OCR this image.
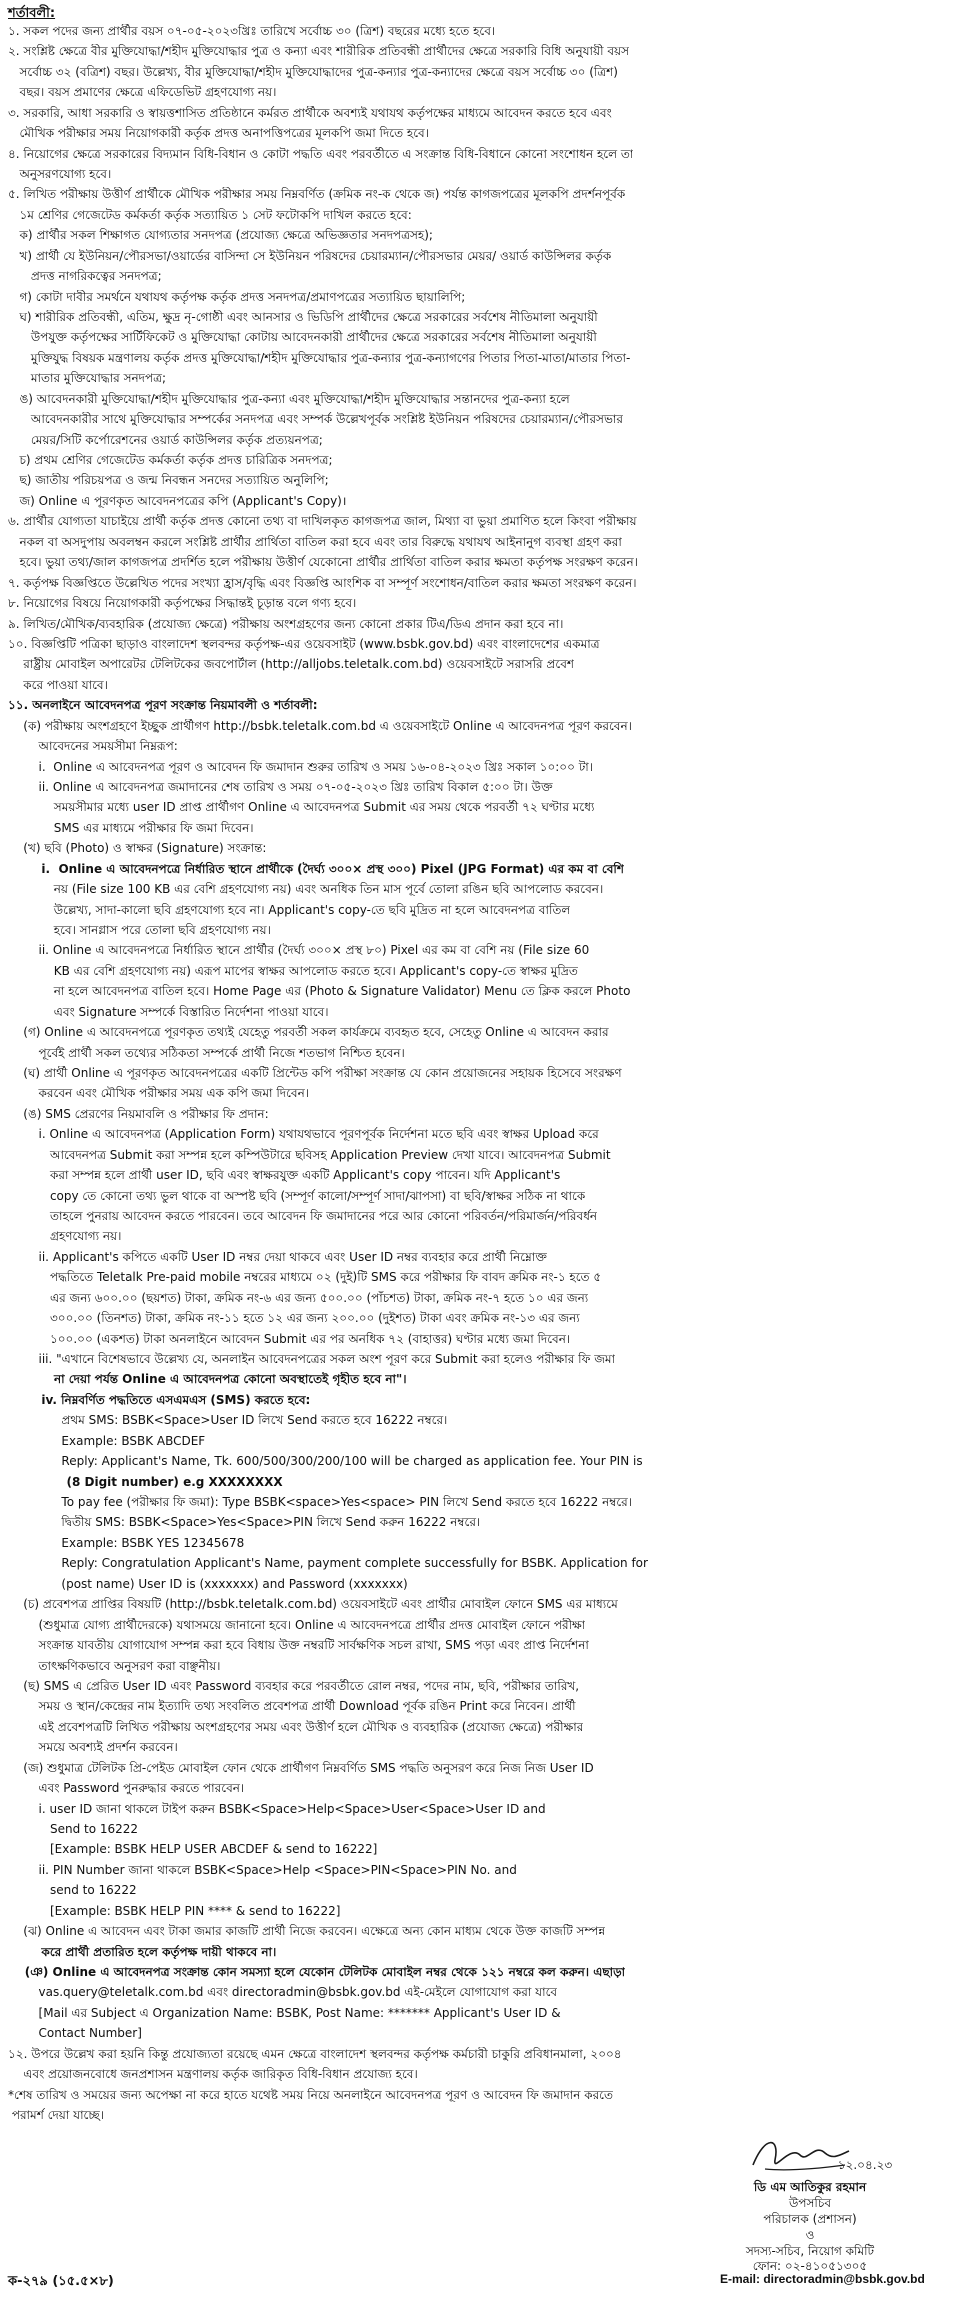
শর্তাবলী:
১. সকল পদের জন্য প্রার্থীর বয়স ০৭-০৫-২০২৩খ্রিঃ তারিখে সর্বোচ্চ ৩০ (ত্রিশ) বছরের মধ্যে হতে হবে।
২. সংশ্লিষ্ট ক্ষেত্রে বীর মুক্তিযোদ্ধা/শহীদ মুক্তিযোদ্ধার পুত্র ও কন্যা এবং শারীরিক প্রতিবন্ধী প্রার্থীদের ক্ষেত্রে সরকারি বিধি অনুযায়ী বয়স
সর্বোচ্চ ৩২ (বত্রিশ) বছর। উল্লেখ্য, বীর মুক্তিযোদ্ধা/শহীদ মুক্তিযোদ্ধাদের পুত্র-কন্যার পুত্র-কন্যাদের ক্ষেত্রে বয়স সর্বোচ্চ ৩০ (ত্রিশ)
বছর। বয়স প্রমাণের ক্ষেত্রে এফিডেভিট গ্রহণযোগ্য নয়।
৩. সরকারি, আধা সরকারি ও স্বায়ত্তশাসিত প্রতিষ্ঠানে কর্মরত প্রার্থীকে অবশ্যই যথাযথ কর্তৃপক্ষের মাধ্যমে আবেদন করতে হবে এবং
মৌখিক পরীক্ষার সময় নিয়োগকারী কর্তৃক প্রদত্ত অনাপত্তিপত্রের মূলকপি জমা দিতে হবে।
৪. নিয়োগের ক্ষেত্রে সরকারের বিদ্যমান বিধি-বিধান ও কোটা পদ্ধতি এবং পরবর্তীতে এ সংক্রান্ত বিধি-বিধানে কোনো সংশোধন হলে তা
অনুসরণযোগ্য হবে।
৫. লিখিত পরীক্ষায় উত্তীর্ণ প্রার্থীকে মৌখিক পরীক্ষার সময় নিম্নবর্ণিত (ক্রমিক নং-ক থেকে জ) পর্যন্ত কাগজপত্রের মূলকপি প্রদর্শনপূর্বক
১ম শ্রেণির গেজেটেড কর্মকর্তা কর্তৃক সত্যায়িত ১ সেট ফটোকপি দাখিল করতে হবে:
ক) প্রার্থীর সকল শিক্ষাগত যোগ্যতার সনদপত্র (প্রযোজ্য ক্ষেত্রে অভিজ্ঞতার সনদপত্রসহ);
খ) প্রার্থী যে ইউনিয়ন/পৌরসভা/ওয়ার্ডের বাসিন্দা সে ইউনিয়ন পরিষদের চেয়ারম্যান/পৌরসভার মেয়র/ ওয়ার্ড কাউন্সিলর কর্তৃক
প্রদত্ত নাগরিকত্বের সনদপত্র;
গ) কোটা দাবীর সমর্থনে যথাযথ কর্তৃপক্ষ কর্তৃক প্রদত্ত সনদপত্র/প্রমাণপত্রের সত্যায়িত ছায়ালিপি;
ঘ) শারীরিক প্রতিবন্ধী, এতিম, ক্ষুদ্র নৃ-গোষ্ঠী এবং আনসার ও ভিডিপি প্রার্থীদের ক্ষেত্রে সরকারের সর্বশেষ নীতিমালা অনুযায়ী
উপযুক্ত কর্তৃপক্ষের সার্টিফিকেট ও মুক্তিযোদ্ধা কোটায় আবেদনকারী প্রার্থীদের ক্ষেত্রে সরকারের সর্বশেষ নীতিমালা অনুযায়ী
মুক্তিযুদ্ধ বিষয়ক মন্ত্রণালয় কর্তৃক প্রদত্ত মুক্তিযোদ্ধা/শহীদ মুক্তিযোদ্ধার পুত্র-কন্যার পুত্র-কন্যাগণের পিতার পিতা-মাতা/মাতার পিতা-
মাতার মুক্তিযোদ্ধার সনদপত্র;
ঙ) আবেদনকারী মুক্তিযোদ্ধা/শহীদ মুক্তিযোদ্ধার পুত্র-কন্যা এবং মুক্তিযোদ্ধা/শহীদ মুক্তিযোদ্ধার সন্তানদের পুত্র-কন্যা হলে
আবেদনকারীর সাথে মুক্তিযোদ্ধার সম্পর্কের সনদপত্র এবং সম্পর্ক উল্লেখপূর্বক সংশ্লিষ্ট ইউনিয়ন পরিষদের চেয়ারম্যান/পৌরসভার
মেয়র/সিটি কর্পোরেশনের ওয়ার্ড কাউন্সিলর কর্তৃক প্রত্যয়নপত্র;
চ) প্রথম শ্রেণির গেজেটেড কর্মকর্তা কর্তৃক প্রদত্ত চারিত্রিক সনদপত্র;
ছ) জাতীয় পরিচয়পত্র ও জন্ম নিবন্ধন সনদের সত্যায়িত অনুলিপি;
জ) Online এ পূরণকৃত আবেদনপত্রের কপি (Applicant's Copy)।
৬. প্রার্থীর যোগ্যতা যাচাইয়ে প্রার্থী কর্তৃক প্রদত্ত কোনো তথ্য বা দাখিলকৃত কাগজপত্র জাল, মিথ্যা বা ভুয়া প্রমাণিত হলে কিংবা পরীক্ষায়
নকল বা অসদুপায় অবলম্বন করলে সংশ্লিষ্ট প্রার্থীর প্রার্থিতা বাতিল করা হবে এবং তার বিরুদ্ধে যথাযথ আইনানুগ ব্যবস্থা গ্রহণ করা
হবে। ভুয়া তথ্য/জাল কাগজপত্র প্রদর্শিত হলে পরীক্ষায় উত্তীর্ণ যেকোনো প্রার্থীর প্রার্থিতা বাতিল করার ক্ষমতা কর্তৃপক্ষ সংরক্ষণ করেন।
৭. কর্তৃপক্ষ বিজ্ঞপ্তিতে উল্লেখিত পদের সংখ্যা হ্রাস/বৃদ্ধি এবং বিজ্ঞপ্তি আংশিক বা সম্পূর্ণ সংশোধন/বাতিল করার ক্ষমতা সংরক্ষণ করেন।
৮. নিয়োগের বিষয়ে নিয়োগকারী কর্তৃপক্ষের সিদ্ধান্তই চূড়ান্ত বলে গণ্য হবে।
৯. লিখিত/মৌখিক/ব্যবহারিক (প্রযোজ্য ক্ষেত্রে) পরীক্ষায় অংশগ্রহণের জন্য কোনো প্রকার টিএ/ডিএ প্রদান করা হবে না।
১০. বিজ্ঞপ্তিটি পত্রিকা ছাড়াও বাংলাদেশ স্থলবন্দর কর্তৃপক্ষ-এর ওয়েবসাইট (www.bsbk.gov.bd) এবং বাংলাদেশের একমাত্র
রাষ্ট্রীয় মোবাইল অপারেটর টেলিটকের জবপোর্টাল (http://alljobs.teletalk.com.bd) ওয়েবসাইটে সরাসরি প্রবেশ
করে পাওয়া যাবে।
১১. অনলাইনে আবেদনপত্র পূরণ সংক্রান্ত নিয়মাবলী ও শর্তাবলী:
(ক) পরীক্ষায় অংশগ্রহণে ইচ্ছুক প্রার্থীগণ http://bsbk.teletalk.com.bd এ ওয়েবসাইটে Online এ আবেদনপত্র পূরণ করবেন।
আবেদনের সময়সীমা নিম্নরূপ:
i.  Online এ আবেদনপত্র পূরণ ও আবেদন ফি জমাদান শুরুর তারিখ ও সময় ১৬-০৪-২০২৩ খ্রিঃ সকাল ১০:০০ টা।
ii. Online এ আবেদনপত্র জমাদানের শেষ তারিখ ও সময় ০৭-০৫-২০২৩ খ্রিঃ তারিখ বিকাল ৫:০০ টা। উক্ত
সময়সীমার মধ্যে user ID প্রাপ্ত প্রার্থীগণ Online এ আবেদনপত্র Submit এর সময় থেকে পরবর্তী ৭২ ঘণ্টার মধ্যে
SMS এর মাধ্যমে পরীক্ষার ফি জমা দিবেন।
(খ) ছবি (Photo) ও স্বাক্ষর (Signature) সংক্রান্ত:
i.  Online এ আবেদনপত্রে নির্ধারিত স্থানে প্রার্থীকে (দৈর্ঘ্য ৩০০× প্রস্থ ৩০০) Pixel (JPG Format) এর কম বা বেশি
নয় (File size 100 KB এর বেশি গ্রহণযোগ্য নয়) এবং অনধিক তিন মাস পূর্বে তোলা রঙিন ছবি আপলোড করবেন।
উল্লেখ্য, সাদা-কালো ছবি গ্রহণযোগ্য হবে না। Applicant's copy-তে ছবি মুদ্রিত না হলে আবেদনপত্র বাতিল
হবে। সানগ্লাস পরে তোলা ছবি গ্রহণযোগ্য নয়।
ii. Online এ আবেদনপত্রে নির্ধারিত স্থানে প্রার্থীর (দৈর্ঘ্য ৩০০× প্রস্থ ৮০) Pixel এর কম বা বেশি নয় (File size 60
KB এর বেশি গ্রহণযোগ্য নয়) এরূপ মাপের স্বাক্ষর আপলোড করতে হবে। Applicant's copy-তে স্বাক্ষর মুদ্রিত
না হলে আবেদনপত্র বাতিল হবে। Home Page এর (Photo & Signature Validator) Menu তে ক্লিক করলে Photo
এবং Signature সম্পর্কে বিস্তারিত নির্দেশনা পাওয়া যাবে।
(গ) Online এ আবেদনপত্রে পূরণকৃত তথ্যই যেহেতু পরবর্তী সকল কার্যক্রমে ব্যবহৃত হবে, সেহেতু Online এ আবেদন করার
পূর্বেই প্রার্থী সকল তথ্যের সঠিকতা সম্পর্কে প্রার্থী নিজে শতভাগ নিশ্চিত হবেন।
(ঘ) প্রার্থী Online এ পূরণকৃত আবেদনপত্রের একটি প্রিন্টেড কপি পরীক্ষা সংক্রান্ত যে কোন প্রয়োজনের সহায়ক হিসেবে সংরক্ষণ
করবেন এবং মৌখিক পরীক্ষার সময় এক কপি জমা দিবেন।
(ঙ) SMS প্রেরণের নিয়মাবলি ও পরীক্ষার ফি প্রদান:
i. Online এ আবেদনপত্র (Application Form) যথাযথভাবে পূরণপূর্বক নির্দেশনা মতে ছবি এবং স্বাক্ষর Upload করে
আবেদনপত্র Submit করা সম্পন্ন হলে কম্পিউটারে ছবিসহ Application Preview দেখা যাবে। আবেদনপত্র Submit
করা সম্পন্ন হলে প্রার্থী user ID, ছবি এবং স্বাক্ষরযুক্ত একটি Applicant's copy পাবেন। যদি Applicant's
copy তে কোনো তথ্য ভুল থাকে বা অস্পষ্ট ছবি (সম্পূর্ণ কালো/সম্পূর্ণ সাদা/ঝাপসা) বা ছবি/স্বাক্ষর সঠিক না থাকে
তাহলে পুনরায় আবেদন করতে পারবেন। তবে আবেদন ফি জমাদানের পরে আর কোনো পরিবর্তন/পরিমার্জন/পরিবর্ধন
গ্রহণযোগ্য নয়।
ii. Applicant's কপিতে একটি User ID নম্বর দেয়া থাকবে এবং User ID নম্বর ব্যবহার করে প্রার্থী নিম্নোক্ত
পদ্ধতিতে Teletalk Pre-paid mobile নম্বরের মাধ্যমে ০২ (দুই)টি SMS করে পরীক্ষার ফি বাবদ ক্রমিক নং-১ হতে ৫
এর জন্য ৬০০.০০ (ছয়শত) টাকা, ক্রমিক নং-৬ এর জন্য ৫০০.০০ (পাঁচশত) টাকা, ক্রমিক নং-৭ হতে ১০ এর জন্য
৩০০.০০ (তিনশত) টাকা, ক্রমিক নং-১১ হতে ১২ এর জন্য ২০০.০০ (দুইশত) টাকা এবং ক্রমিক নং-১৩ এর জন্য
১০০.০০ (একশত) টাকা অনলাইনে আবেদন Submit এর পর অনধিক ৭২ (বাহাত্তর) ঘণ্টার মধ্যে জমা দিবেন।
iii. "এখানে বিশেষভাবে উল্লেখ্য যে, অনলাইন আবেদনপত্রের সকল অংশ পূরণ করে Submit করা হলেও পরীক্ষার ফি জমা
না দেয়া পর্যন্ত Online এ আবেদনপত্র কোনো অবস্থাতেই গৃহীত হবে না"।
iv. নিম্নবর্ণিত পদ্ধতিতে এসএমএস (SMS) করতে হবে:
প্রথম SMS: BSBK<Space>User ID লিখে Send করতে হবে 16222 নম্বরে।
Example: BSBK ABCDEF
Reply: Applicant's Name, Tk. 600/500/300/200/100 will be charged as application fee. Your PIN is
(8 Digit number) e.g XXXXXXXX
To pay fee (পরীক্ষার ফি জমা): Type BSBK<space>Yes<space> PIN লিখে Send করতে হবে 16222 নম্বরে।
দ্বিতীয় SMS: BSBK<Space>Yes<Space>PIN লিখে Send করুন 16222 নম্বরে।
Example: BSBK YES 12345678
Reply: Congratulation Applicant's Name, payment complete successfully for BSBK. Application for
(post name) User ID is (xxxxxxx) and Password (xxxxxxx)
(চ) প্রবেশপত্র প্রাপ্তির বিষয়টি (http://bsbk.teletalk.com.bd) ওয়েবসাইটে এবং প্রার্থীর মোবাইল ফোনে SMS এর মাধ্যমে
(শুধুমাত্র যোগ্য প্রার্থীদেরকে) যথাসময়ে জানানো হবে। Online এ আবেদনপত্রে প্রার্থীর প্রদত্ত মোবাইল ফোনে পরীক্ষা
সংক্রান্ত যাবতীয় যোগাযোগ সম্পন্ন করা হবে বিধায় উক্ত নম্বরটি সার্বক্ষণিক সচল রাখা, SMS পড়া এবং প্রাপ্ত নির্দেশনা
তাৎক্ষণিকভাবে অনুসরণ করা বাঞ্ছনীয়।
(ছ) SMS এ প্রেরিত User ID এবং Password ব্যবহার করে পরবর্তীতে রোল নম্বর, পদের নাম, ছবি, পরীক্ষার তারিখ,
সময় ও স্থান/কেন্দ্রের নাম ইত্যাদি তথ্য সংবলিত প্রবেশপত্র প্রার্থী Download পূর্বক রঙিন Print করে নিবেন। প্রার্থী
এই প্রবেশপত্রটি লিখিত পরীক্ষায় অংশগ্রহণের সময় এবং উত্তীর্ণ হলে মৌখিক ও ব্যবহারিক (প্রযোজ্য ক্ষেত্রে) পরীক্ষার
সময়ে অবশ্যই প্রদর্শন করবেন।
(জ) শুধুমাত্র টেলিটক প্রি-পেইড মোবাইল ফোন থেকে প্রার্থীগণ নিম্নবর্ণিত SMS পদ্ধতি অনুসরণ করে নিজ নিজ User ID
এবং Password পুনরুদ্ধার করতে পারবেন।
i. user ID জানা থাকলে টাইপ করুন BSBK<Space>Help<Space>User<Space>User ID and
Send to 16222
[Example: BSBK HELP USER ABCDEF & send to 16222]
ii. PIN Number জানা থাকলে BSBK<Space>Help <Space>PIN<Space>PIN No. and
send to 16222
[Example: BSBK HELP PIN **** & send to 16222]
(ঝ) Online এ আবেদন এবং টাকা জমার কাজটি প্রার্থী নিজে করবেন। এক্ষেত্রে অন্য কোন মাধ্যম থেকে উক্ত কাজটি সম্পন্ন
করে প্রার্থী প্রতারিত হলে কর্তৃপক্ষ দায়ী থাকবে না।
(ঞ) Online এ আবেদনপত্র সংক্রান্ত কোন সমস্যা হলে যেকোন টেলিটক মোবাইল নম্বর থেকে ১২১ নম্বরে কল করুন। এছাড়া
vas.query@teletalk.com.bd এবং directoradmin@bsbk.gov.bd এই-মেইলে যোগাযোগ করা যাবে
[Mail এর Subject এ Organization Name: BSBK, Post Name: ******* Applicant's User ID &
Contact Number]
১২. উপরে উল্লেখ করা হয়নি কিন্তু প্রযোজ্যতা রয়েছে এমন ক্ষেত্রে বাংলাদেশ স্থলবন্দর কর্তৃপক্ষ কর্মচারী চাকুরি প্রবিধানমালা, ২০০৪
এবং প্রয়োজনবোধে জনপ্রশাসন মন্ত্রণালয় কর্তৃক জারিকৃত বিধি-বিধান প্রযোজ্য হবে।
*শেষ তারিখ ও সময়ের জন্য অপেক্ষা না করে হাতে যথেষ্ট সময় নিয়ে অনলাইনে আবেদনপত্র পূরণ ও আবেদন ফি জমাদান করতে
পরামর্শ দেয়া যাচ্ছে।
১২.০৪.২৩
ডি এম আতিকুর রহমান
উপসচিব
পরিচালক (প্রশাসন)
ও
সদস্য-সচিব, নিয়োগ কমিটি
ফোন: ০২-৪১০৫১৩০৫
ক-২৭৯ (১৫.৫×৮)	E-mail: directoradmin@bsbk.gov.bd
